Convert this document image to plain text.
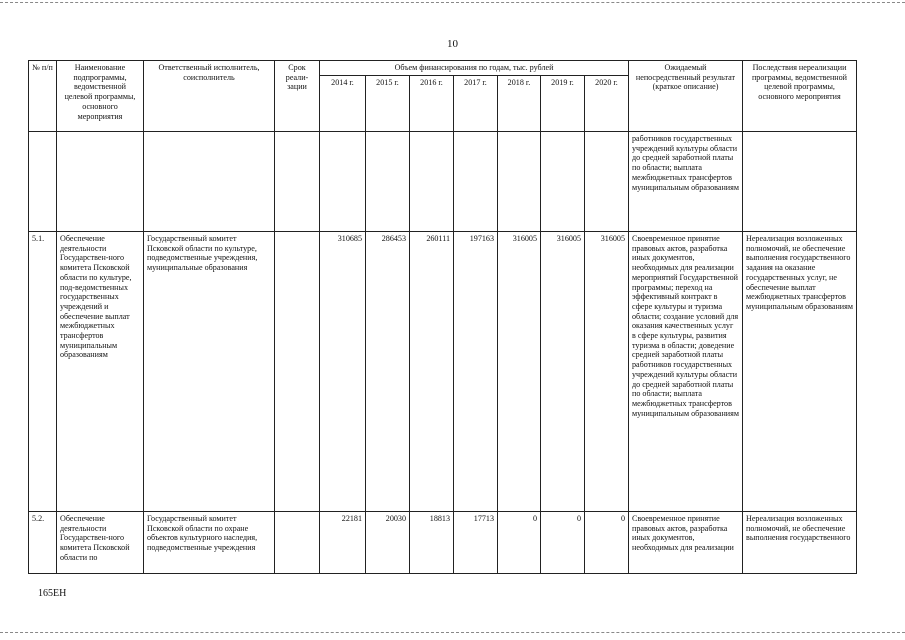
10
№ п/п	Наименование подпрограммы, ведомственной целевой программы, основного мероприятия	Ответственный исполнитель, соисполнитель	Срок реали-зации	Объем финансирования по годам, тыс. рублей							Ожидаемый непосредственный результат (краткое описание)	Последствия нереализации программы, ведомственной целевой программы, основного мероприятия
				2014 г.	2015 г.	2016 г.	2017 г.	2018 г.	2019 г.	2020 г.		
											работников государственных учреждений культуры области до средней заработной платы по области; выплата межбюджетных трансфертов муниципальным образованиям	
5.1.	Обеспечение деятельности Государствен-ного комитета Псковской области по культуре, под-ведомственных государственных учреждений и обеспечение выплат межбюджетных трансфертов муниципальным образованиям	Государственный комитет Псковской области по культуре, подведомственные учреждения, муниципальные образования		310685	286453	260111	197163	316005	316005	316005	Своевременное принятие правовых актов, разработка иных документов, необходимых для реализации мероприятий Государственной программы; переход на эффективный контракт в сфере культуры и туризма области; создание условий для оказания качественных услуг в сфере культуры, развития туризма в области; доведение средней заработной платы работников государственных учреждений культуры области до средней заработной платы по области; выплата межбюджетных трансфертов муниципальным образованиям	Нереализация возложенных полномочий, не обеспечение выполнения государственного задания на оказание государственных услуг, не обеспечение выплат межбюджетных трансфертов муниципальным образованиям
5.2.	Обеспечение деятельности Государствен-ного комитета Псковской области по	Государственный комитет Псковской области по охране объектов культурного наследия, подведомственные учреждения		22181	20030	18813	17713	0	0	0	Своевременное принятие правовых актов, разработка иных документов, необходимых для реализации	Нереализация возложенных полномочий, не обеспечение выполнения государственного
165ЕН
